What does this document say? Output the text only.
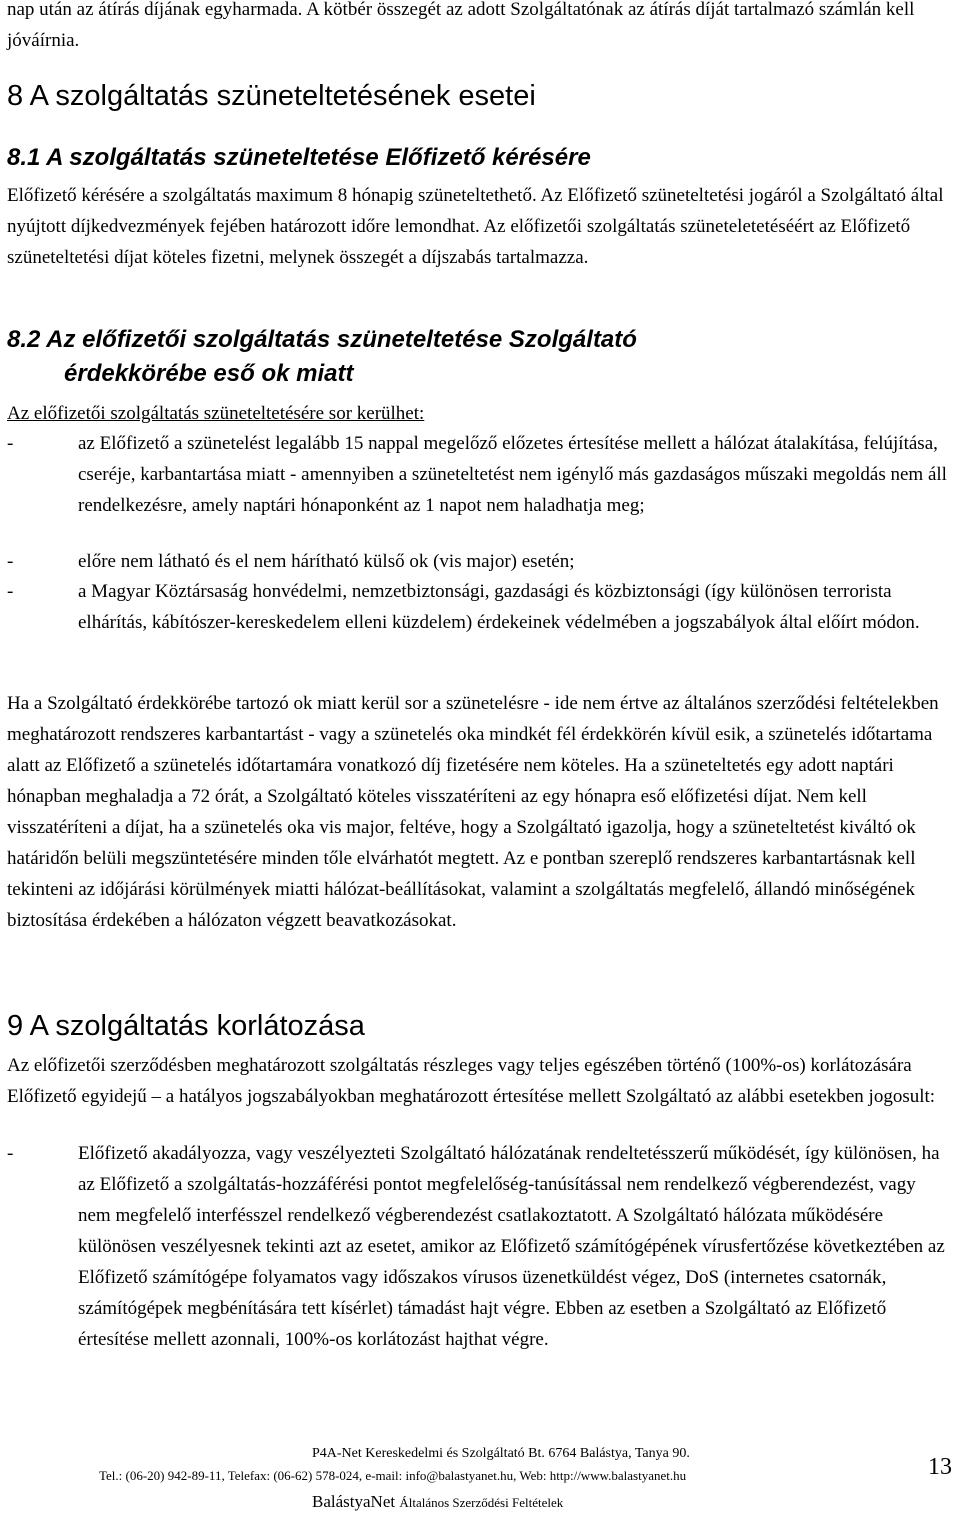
nap után az átírás díjának egyharmada. A kötbér összegét az adott Szolgáltatónak az átírás díját tartalmazó számlán kell jóváírnia.

8 A szolgáltatás szüneteltetésének esetei
8.1 A szolgáltatás szüneteltetése Előfizető kérésére

Előfizető kérésére a szolgáltatás maximum 8 hónapig szüneteltethető. Az Előfizető szüneteltetési jogáról a Szolgáltató által nyújtott díjkedvezmények fejében határozott időre lemondhat. Az előfizetői szolgáltatás szüneteletetéséért az Előfizető szüneteltetési díjat köteles fizetni, melynek összegét a díjszabás tartalmazza.

8.2 Az előfizetői szolgáltatás szüneteltetése Szolgáltató
érdekkörébe eső ok miatt

Az előfizetői szolgáltatás szüneteltetésére sor kerülhet:

-	az Előfizető a szünetelést legalább 15 nappal megelőző előzetes értesítése mellett a hálózat átalakítása, felújítása, cseréje, karbantartása miatt - amennyiben a szüneteltetést nem igénylő más gazdaságos műszaki megoldás nem áll rendelkezésre, amely naptári hónaponként az 1 napot nem haladhatja meg;
-	előre nem látható és el nem hárítható külső ok (vis major) esetén;
-	a Magyar Köztársaság honvédelmi, nemzetbiztonsági, gazdasági és közbiztonsági (így különösen terrorista elhárítás, kábítószer-kereskedelem elleni küzdelem) érdekeinek védelmében a jogszabályok által előírt módon.

Ha a Szolgáltató érdekkörébe tartozó ok miatt kerül sor a szünetelésre - ide nem értve az általános szerződési feltételekben meghatározott rendszeres karbantartást - vagy a szünetelés oka mindkét fél érdekkörén kívül esik, a szünetelés időtartama alatt az Előfizető a szünetelés időtartamára vonatkozó díj fizetésére nem köteles. Ha a szüneteltetés egy adott naptári hónapban meghaladja a 72 órát, a Szolgáltató köteles visszatéríteni az egy hónapra eső előfizetési díjat. Nem kell visszatéríteni a díjat, ha a szünetelés oka vis major, feltéve, hogy a Szolgáltató igazolja, hogy a szüneteltetést kiváltó ok határidőn belüli megszüntetésére minden tőle elvárhatót megtett. Az e pontban szereplő rendszeres karbantartásnak kell tekinteni az időjárási körülmények miatti hálózat-beállításokat, valamint a szolgáltatás megfelelő, állandó minőségének biztosítása érdekében a hálózaton végzett beavatkozásokat.

9 A szolgáltatás korlátozása

Az előfizetői szerződésben meghatározott szolgáltatás részleges vagy teljes egészében történő (100%-os) korlátozására Előfizető egyidejű – a hatályos jogszabályokban meghatározott értesítése mellett Szolgáltató az alábbi esetekben jogosult:

-	Előfizető akadályozza, vagy veszélyezteti Szolgáltató hálózatának rendeltetésszerű működését, így különösen, ha az Előfizető a szolgáltatás-hozzáférési pontot megfelelőség-tanúsítással nem rendelkező végberendezést, vagy nem megfelelő interfésszel rendelkező végberendezést csatlakoztatott. A Szolgáltató hálózata működésére különösen veszélyesnek tekinti azt az esetet, amikor az Előfizető számítógépének vírusfertőzése következtében az Előfizető számítógépe folyamatos vagy időszakos vírusos üzenetküldést végez, DoS (internetes csatornák, számítógépek megbénítására tett kísérlet) támadást hajt végre. Ebben az esetben a Szolgáltató az Előfizető értesítése mellett azonnali, 100%-os korlátozást hajthat végre.
P4A-Net Kereskedelmi és Szolgáltató Bt. 6764 Balástya, Tanya 90.
Tel.: (06-20) 942-89-11, Telefax: (06-62) 578-024, e-mail: info@balastyanet.hu, Web: http://www.balastyanet.hu
BalástyaNet Általános Szerződési Feltételek
13
